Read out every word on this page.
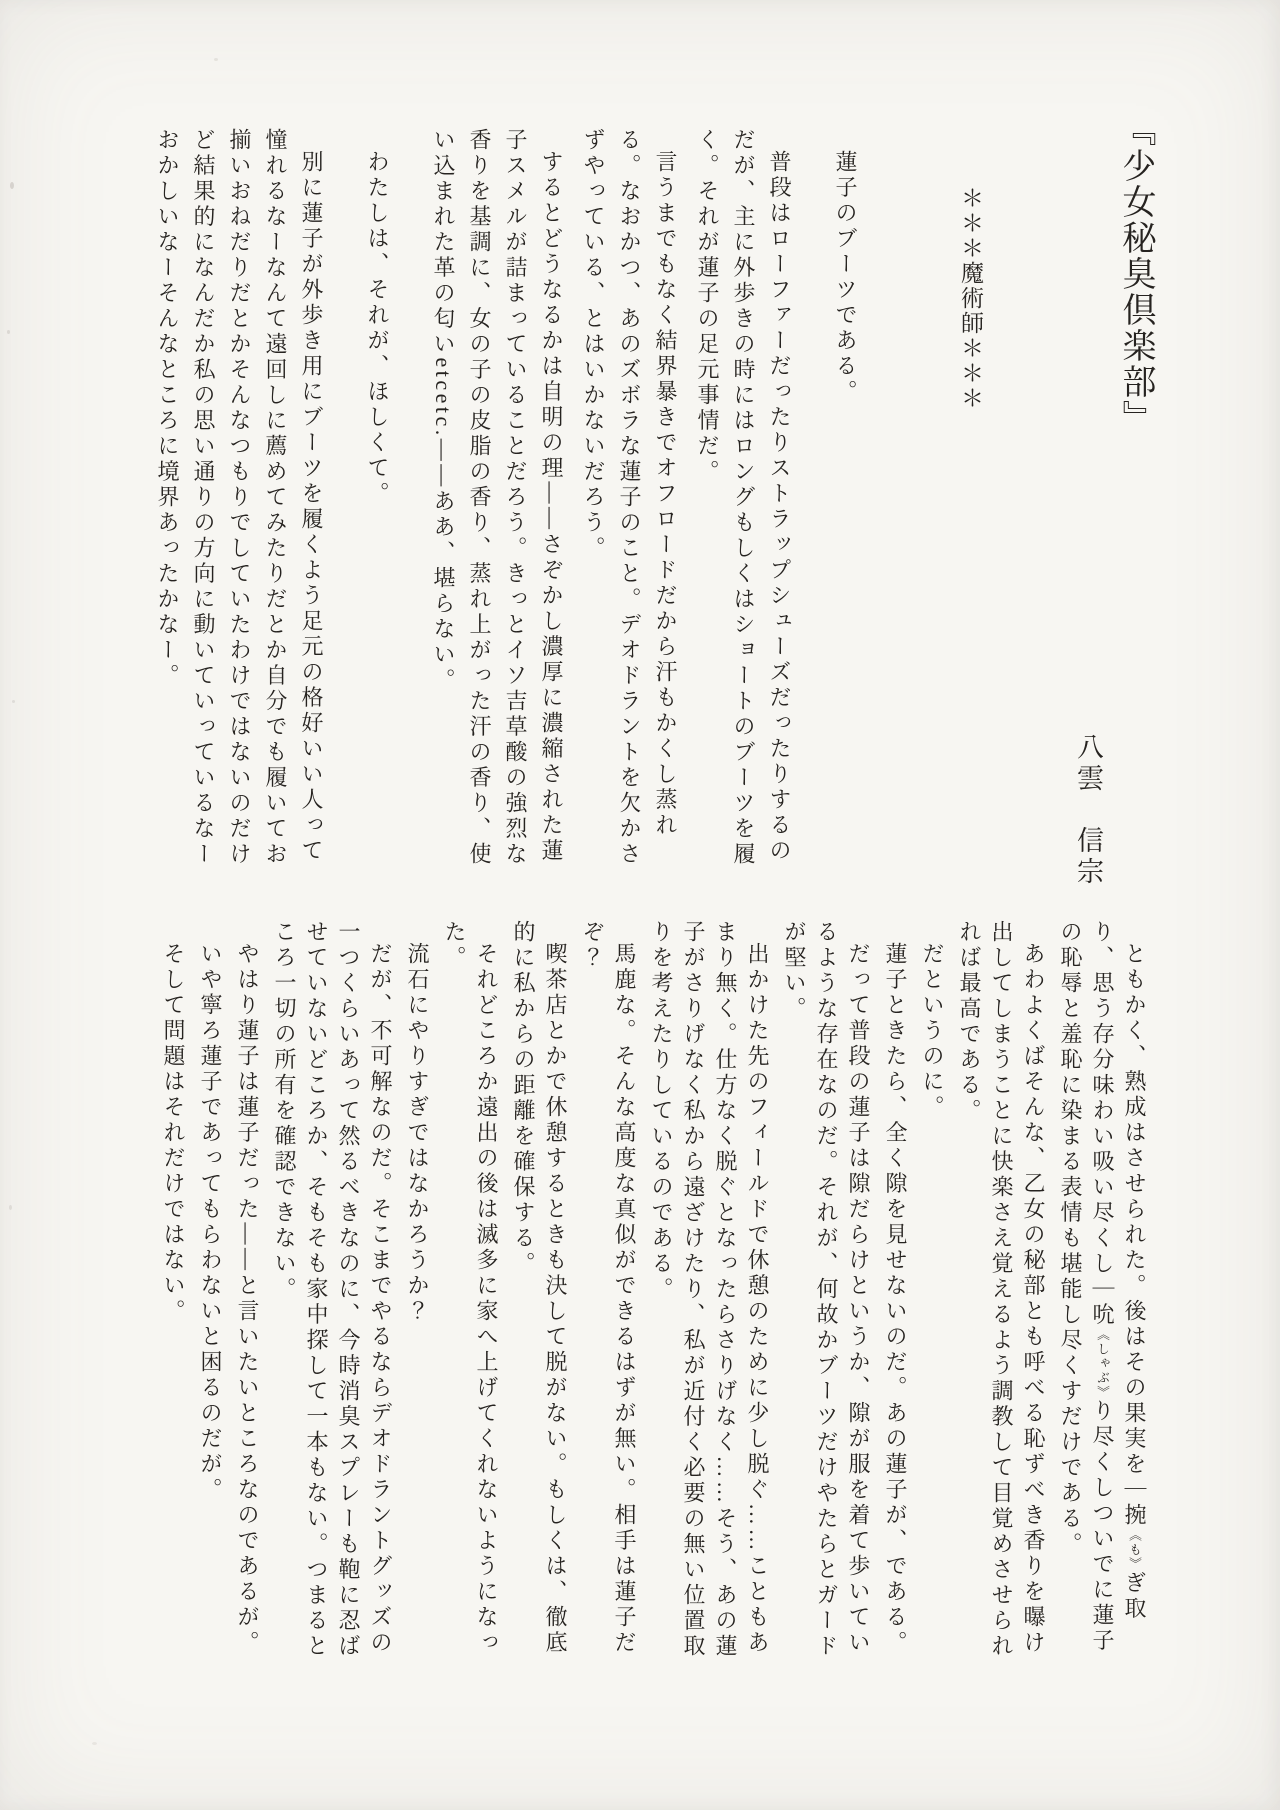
『少女秘臭倶楽部』
＊＊＊魔術師＊＊＊
八雲　信宗

蓮子のブーツである。

普段はローファーだったりストラップシューズだったりするのだが、主に外歩きの時にはロングもしくはショートのブーツを履く。それが蓮子の足元事情だ。

言うまでもなく結界暴きでオフロードだから汗もかくし蒸れる。なおかつ、あのズボラな蓮子のこと。デオドラントを欠かさずやっている、とはいかないだろう。

するとどうなるかは自明の理――さぞかし濃厚に濃縮された蓮子スメルが詰まっていることだろう。きっとイソ吉草酸の強烈な香りを基調に、女の子の皮脂の香り、蒸れ上がった汗の香り、使い込まれた革の匂いetcetc.――ああ、堪らない。

わたしは、それが、ほしくて。

別に蓮子が外歩き用にブーツを履くよう足元の格好いい人って憧れるなーなんて遠回しに薦めてみたりだとか自分でも履いてお揃いおねだりだとかそんなつもりでしていたわけではないのだけど結果的になんだか私の思い通りの方向に動いていっているなーおかしいなーそんなところに境界あったかなー。

ともかく、熟成はさせられた。後はその果実を｜捥《も》ぎ取り、思う存分味わい吸い尽くし｜吮《しゃぶ》り尽くしついでに蓮子の恥辱と羞恥に染まる表情も堪能し尽くすだけである。

あわよくばそんな、乙女の秘部とも呼べる恥ずべき香りを曝け出してしまうことに快楽さえ覚えるよう調教して目覚めさせられれば最高である。

だというのに。

蓮子ときたら、全く隙を見せないのだ。あの蓮子が、である。

だって普段の蓮子は隙だらけというか、隙が服を着て歩いているような存在なのだ。それが、何故かブーツだけやたらとガードが堅い。

出かけた先のフィールドで休憩のために少し脱ぐ……こともあまり無く。仕方なく脱ぐとなったらさりげなく……そう、あの蓮子がさりげなく私から遠ざけたり、私が近付く必要の無い位置取りを考えたりしているのである。

馬鹿な。そんな高度な真似ができるはずが無い。相手は蓮子だぞ？

喫茶店とかで休憩するときも決して脱がない。もしくは、徹底的に私からの距離を確保する。

それどころか遠出の後は滅多に家へ上げてくれないようになった。

流石にやりすぎではなかろうか？

だが、不可解なのだ。そこまでやるならデオドラントグッズの一つくらいあって然るべきなのに、今時消臭スプレーも鞄に忍ばせていないどころか、そもそも家中探して一本もない。つまるところ一切の所有を確認できない。

やはり蓮子は蓮子だった――と言いたいところなのであるが。

いや寧ろ蓮子であってもらわないと困るのだが。

そして問題はそれだけではない。
